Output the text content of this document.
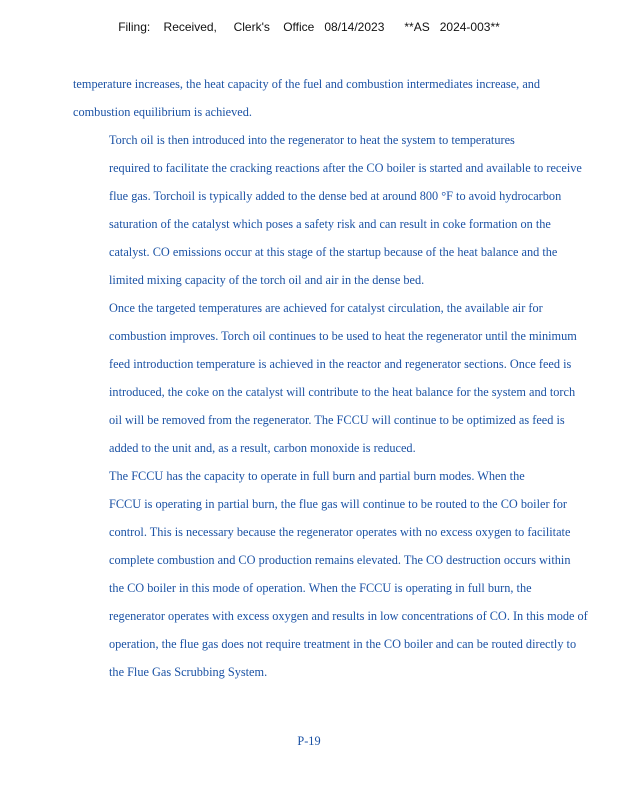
Filing:    Received,     Clerk's    Office   08/14/2023      **AS   2024-003**

temperature increases, the heat capacity of the fuel and combustion intermediates increase, and
combustion equilibrium is achieved.

Torch oil is then introduced into the regenerator to heat the system to temperatures
required to facilitate the cracking reactions after the CO boiler is started and available to receive
flue gas. Torchoil is typically added to the dense bed at around 800 °F to avoid hydrocarbon
saturation of the catalyst which poses a safety risk and can result in coke formation on the
catalyst. CO emissions occur at this stage of the startup because of the heat balance and the
limited mixing capacity of the torch oil and air in the dense bed.

Once the targeted temperatures are achieved for catalyst circulation, the available air for
combustion improves. Torch oil continues to be used to heat the regenerator until the minimum
feed introduction temperature is achieved in the reactor and regenerator sections. Once feed is
introduced, the coke on the catalyst will contribute to the heat balance for the system and torch
oil will be removed from the regenerator. The FCCU will continue to be optimized as feed is
added to the unit and, as a result, carbon monoxide is reduced.

The FCCU has the capacity to operate in full burn and partial burn modes. When the
FCCU is operating in partial burn, the flue gas will continue to be routed to the CO boiler for
control. This is necessary because the regenerator operates with no excess oxygen to facilitate
complete combustion and CO production remains elevated. The CO destruction occurs within
the CO boiler in this mode of operation. When the FCCU is operating in full burn, the
regenerator operates with excess oxygen and results in low concentrations of CO. In this mode of
operation, the flue gas does not require treatment in the CO boiler and can be routed directly to
the Flue Gas Scrubbing System.

P-19
